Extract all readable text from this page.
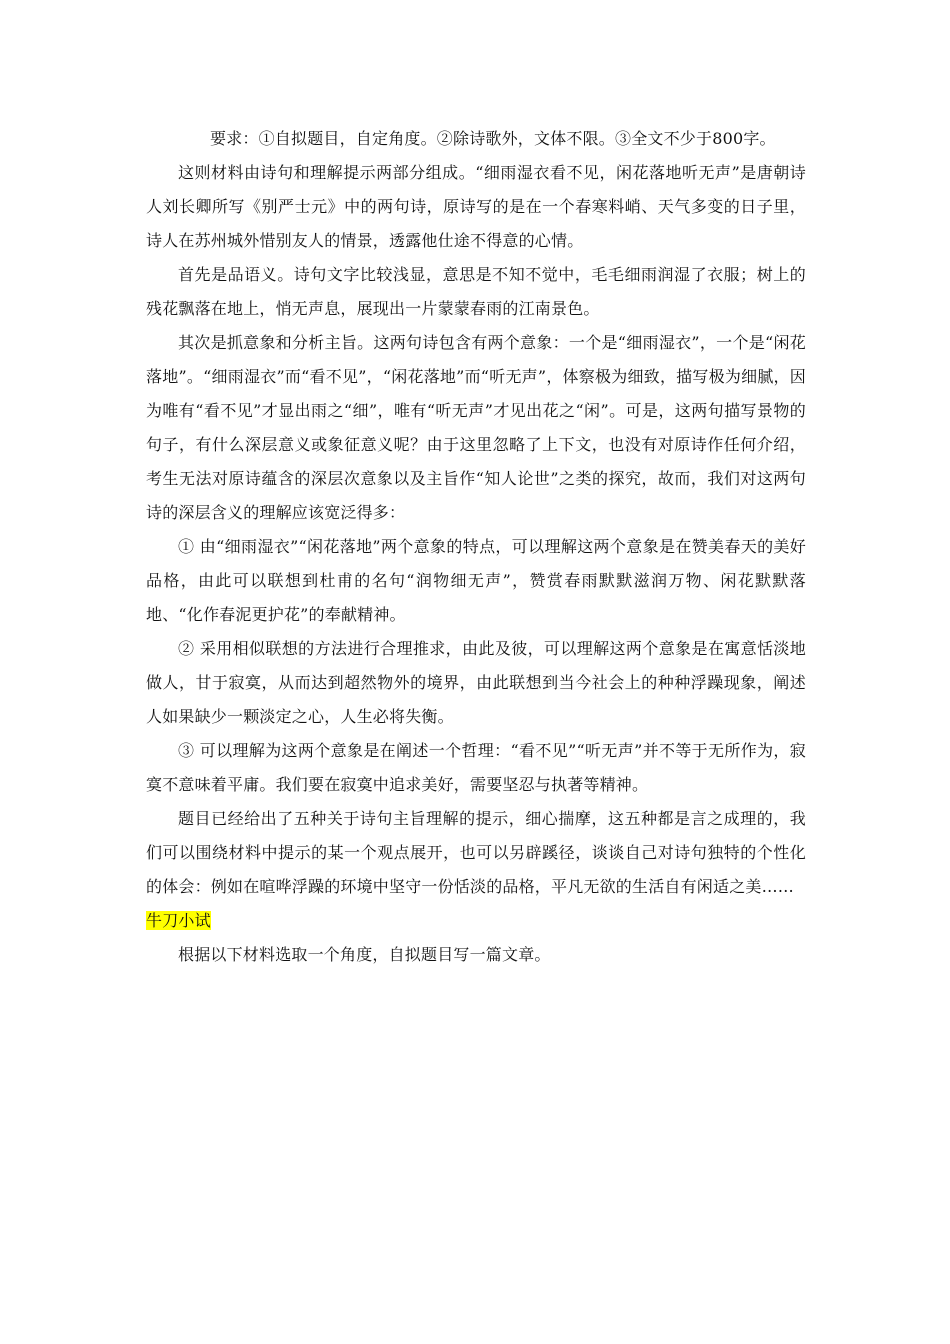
要求：①自拟题目，自定角度。②除诗歌外，文体不限。③全文不少于800字。

这则材料由诗句和理解提示两部分组成。“细雨湿衣看不见，闲花落地听无声”是唐朝诗人刘长卿所写《别严士元》中的两句诗，原诗写的是在一个春寒料峭、天气多变的日子里，诗人在苏州城外惜别友人的情景，透露他仕途不得意的心情。

首先是品语义。诗句文字比较浅显，意思是不知不觉中，毛毛细雨润湿了衣服；树上的残花飘落在地上，悄无声息，展现出一片蒙蒙春雨的江南景色。

其次是抓意象和分析主旨。这两句诗包含有两个意象：一个是“细雨湿衣”，一个是“闲花落地”。“细雨湿衣”而“看不见”，“闲花落地”而“听无声”，体察极为细致，描写极为细腻，因为唯有“看不见”才显出雨之“细”，唯有“听无声”才见出花之“闲”。可是，这两句描写景物的句子，有什么深层意义或象征意义呢？由于这里忽略了上下文，也没有对原诗作任何介绍，考生无法对原诗蕴含的深层次意象以及主旨作“知人论世”之类的探究，故而，我们对这两句诗的深层含义的理解应该宽泛得多：

① 由“细雨湿衣”“闲花落地”两个意象的特点，可以理解这两个意象是在赞美春天的美好品格，由此可以联想到杜甫的名句“润物细无声”，赞赏春雨默默滋润万物、闲花默默落地、“化作春泥更护花”的奉献精神。

② 采用相似联想的方法进行合理推求，由此及彼，可以理解这两个意象是在寓意恬淡地做人，甘于寂寞，从而达到超然物外的境界，由此联想到当今社会上的种种浮躁现象，阐述人如果缺少一颗淡定之心，人生必将失衡。

③ 可以理解为这两个意象是在阐述一个哲理：“看不见”“听无声”并不等于无所作为，寂寞不意味着平庸。我们要在寂寞中追求美好，需要坚忍与执著等精神。

题目已经给出了五种关于诗句主旨理解的提示，细心揣摩，这五种都是言之成理的，我们可以围绕材料中提示的某一个观点展开，也可以另辟蹊径，谈谈自己对诗句独特的个性化的体会：例如在喧哗浮躁的环境中坚守一份恬淡的品格，平凡无欲的生活自有闲适之美……

牛刀小试

根据以下材料选取一个角度，自拟题目写一篇文章。
